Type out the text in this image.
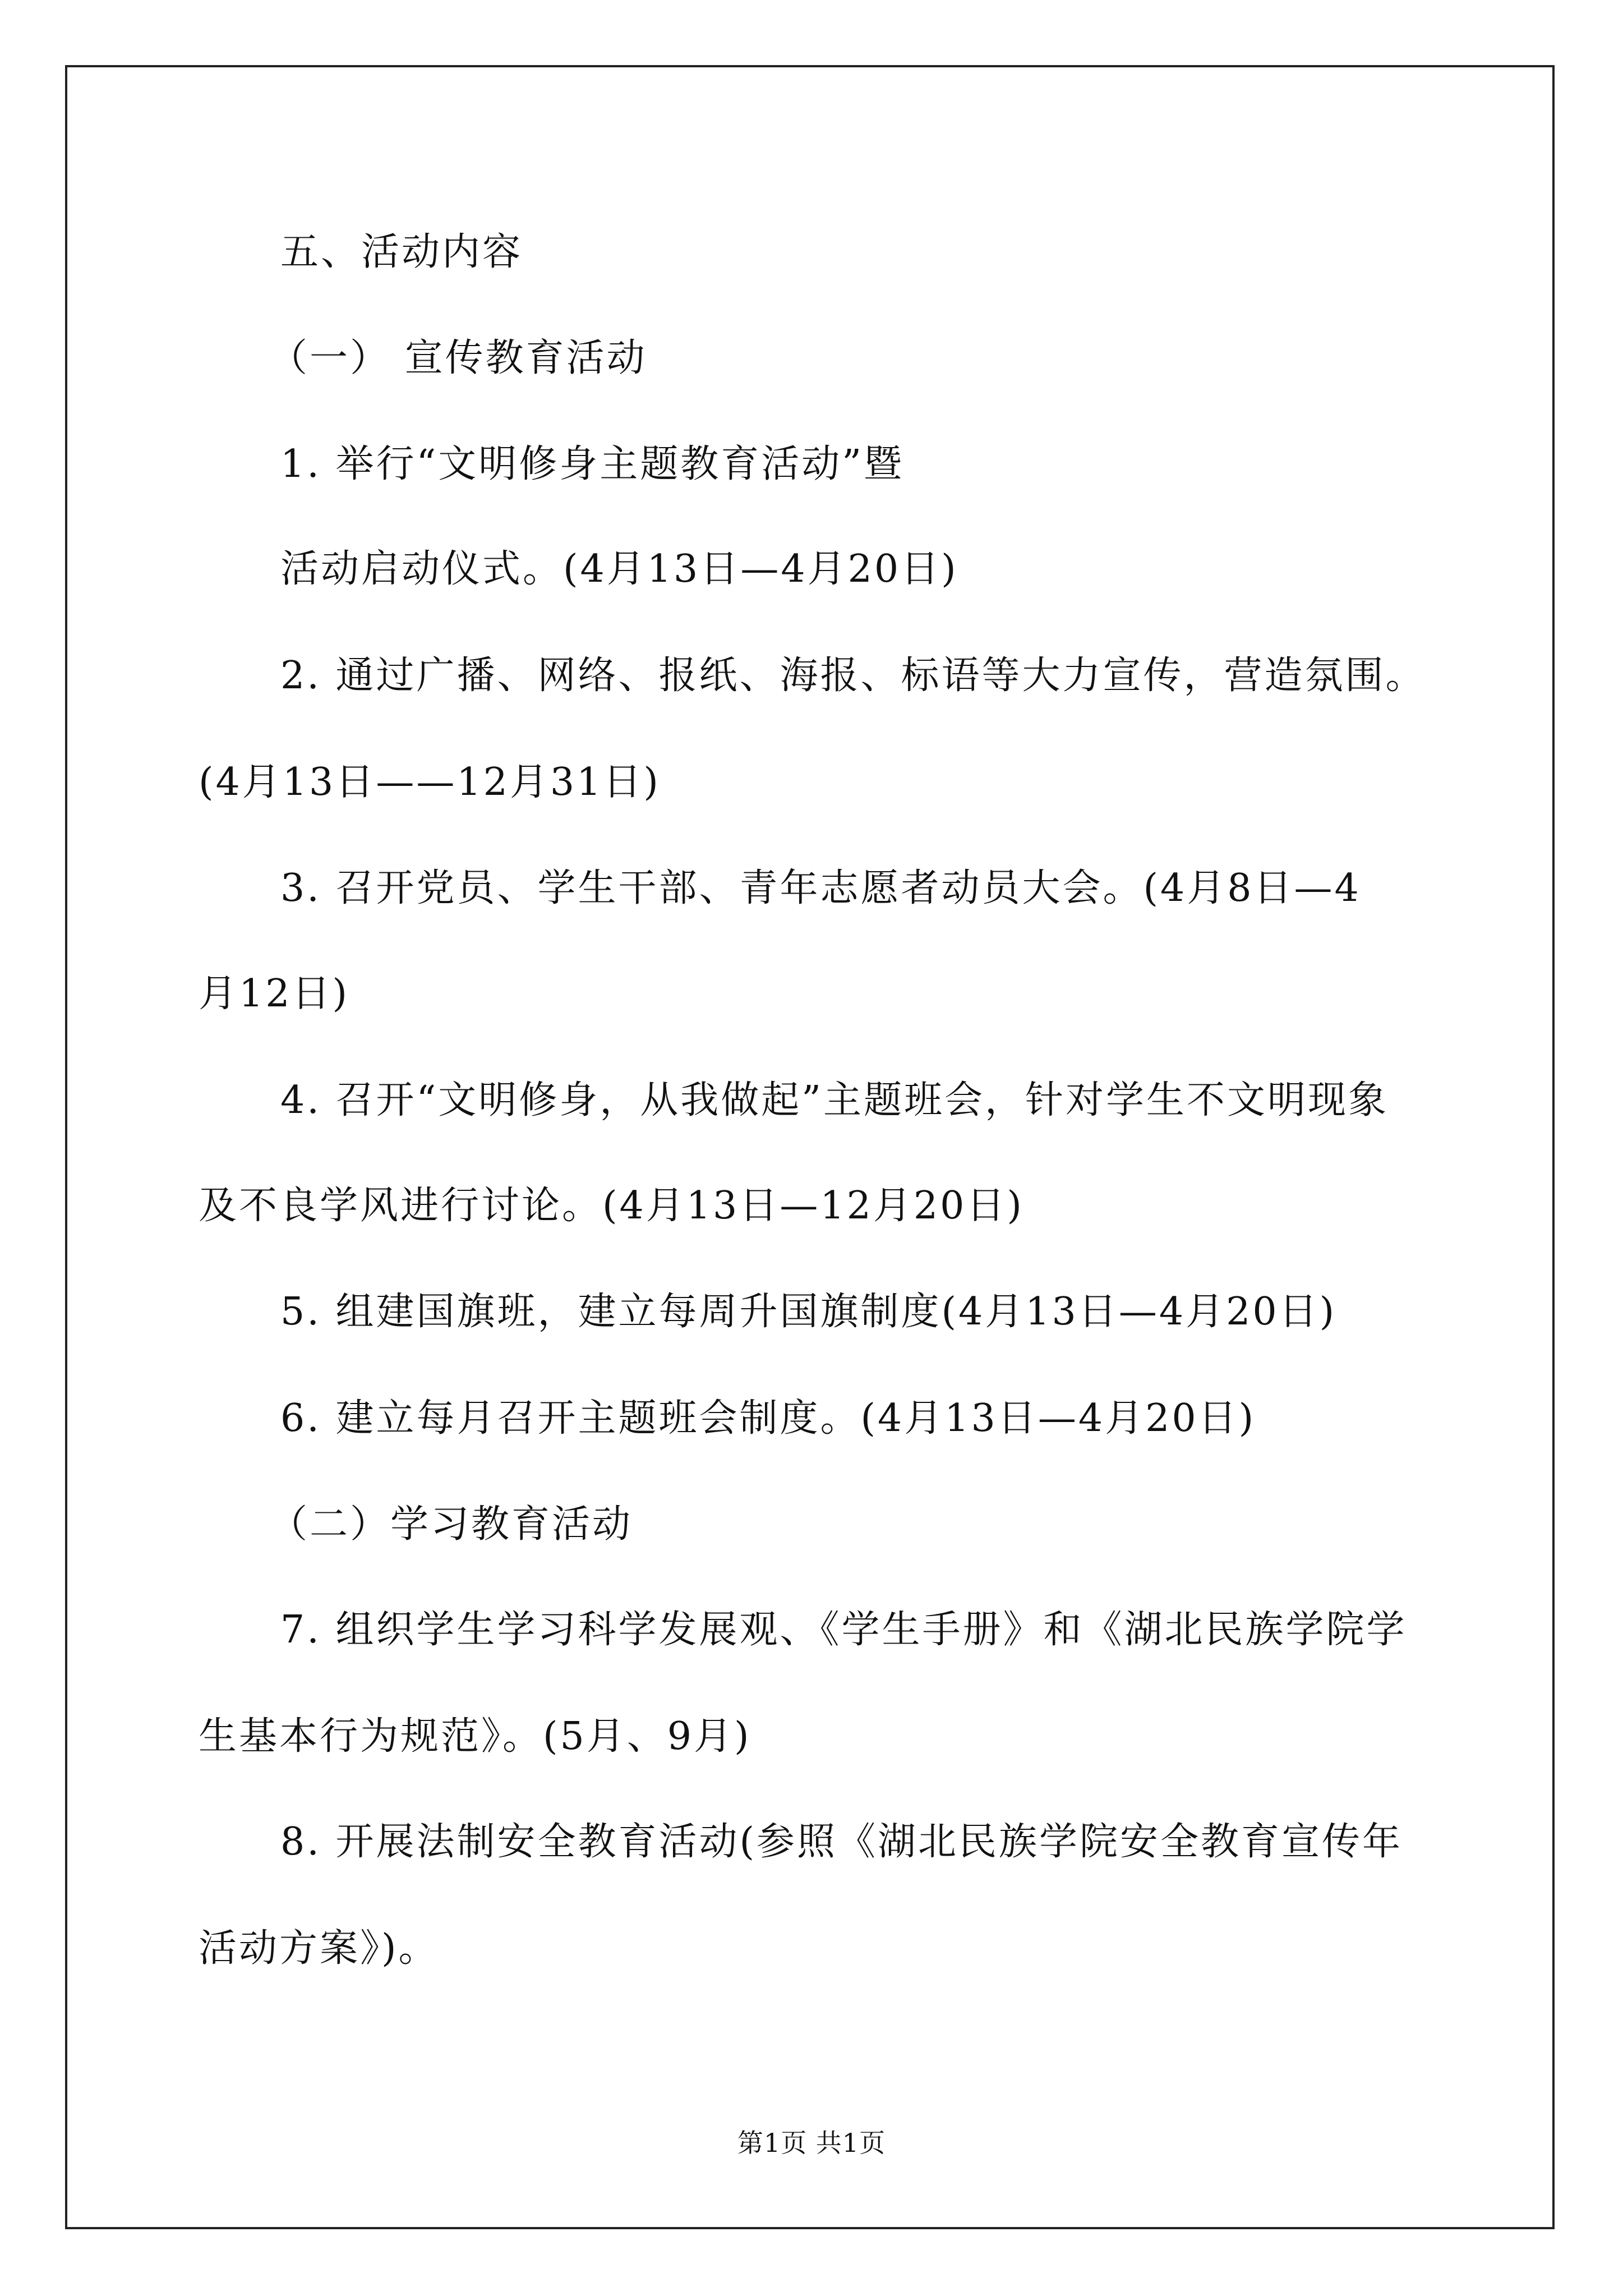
五、活动内容
（一） 宣传教育活动
1. 举行“文明修身主题教育活动”暨
活动启动仪式。(4月13日—4月20日)
2. 通过广播、网络、报纸、海报、标语等大力宣传，营造氛围。
(4月13日——12月31日)
3. 召开党员、学生干部、青年志愿者动员大会。(4月8日—4
月12日)
4. 召开“文明修身，从我做起”主题班会，针对学生不文明现象
及不良学风进行讨论。(4月13日—12月20日)
5. 组建国旗班，建立每周升国旗制度(4月13日—4月20日)
6. 建立每月召开主题班会制度。(4月13日—4月20日)
（二）学习教育活动
7. 组织学生学习科学发展观、《学生手册》和《湖北民族学院学
生基本行为规范》。(5月、9月)
8. 开展法制安全教育活动(参照《湖北民族学院安全教育宣传年
活动方案》)。
第1页 共1页
